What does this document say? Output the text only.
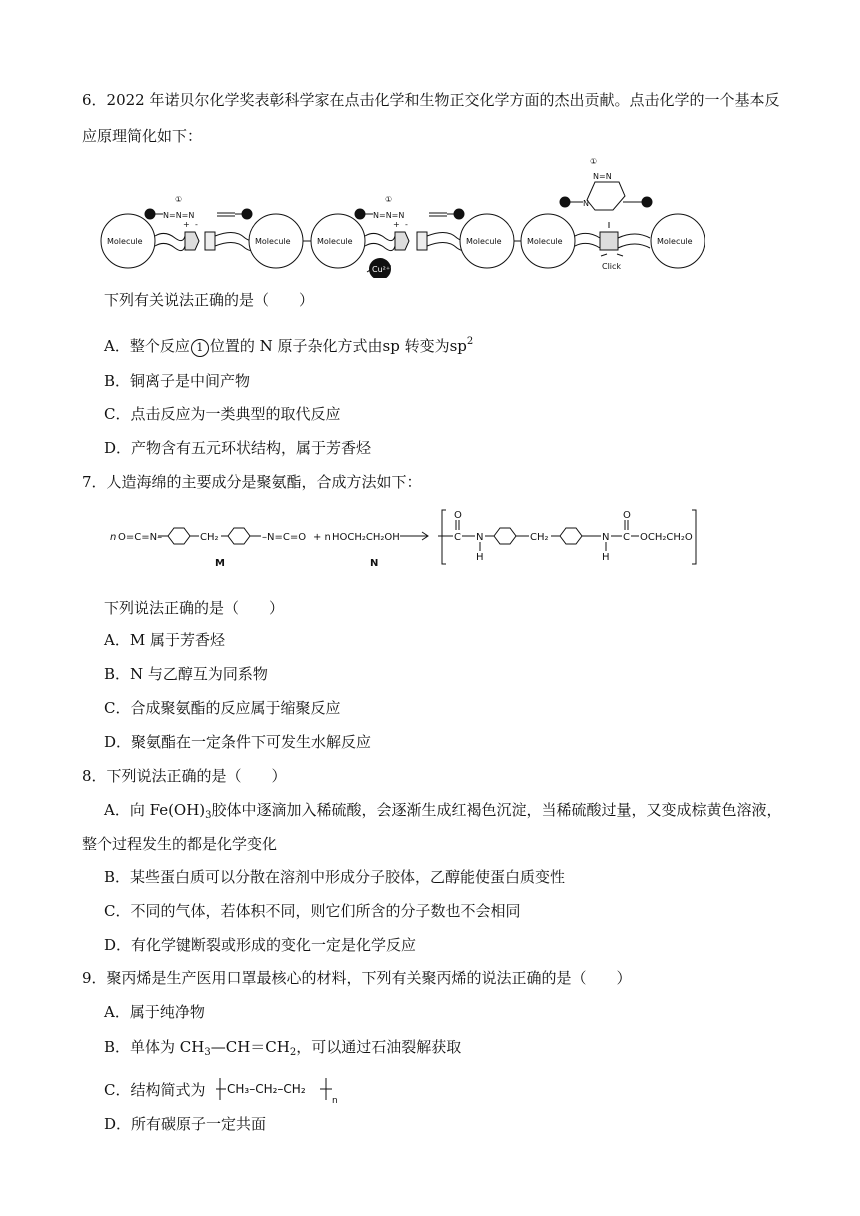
6．2022 年诺贝尔化学奖表彰科学家在点击化学和生物正交化学方面的杰出贡献。点击化学的一个基本反
应原理简化如下：
Molecule	Molecule	Molecule	Molecule	Molecule	Molecule
N=N=N	N=N=N
①	①
①
N=N
N
Click
Cu²⁺
+	+
-	-
下列有关说法正确的是（　　）
A．整个反应 1 位置的 N 原子杂化方式由sp 转变为$sp^2$
B．铜离子是中间产物
C．点击反应为一类典型的取代反应
D．产物含有五元环状结构，属于芳香烃
7．人造海绵的主要成分是聚氨酯，合成方法如下：
n O=C=N–	CH₂	–N=C=O + n HOCH₂CH₂OH
M	N
O
C N
H
CH₂	N
H
O
C OCH₂CH₂O
下列说法正确的是（　　）
A．M 属于芳香烃
B．N 与乙醇互为同系物
C．合成聚氨酯的反应属于缩聚反应
D．聚氨酯在一定条件下可发生水解反应
8．下列说法正确的是（　　）
A．向 $Fe(OH)_3$胶体中逐滴加入稀硫酸，会逐渐生成红褐色沉淀，当稀硫酸过量，又变成棕黄色溶液，
整个过程发生的都是化学变化
B．某些蛋白质可以分散在溶剂中形成分子胶体，乙醇能使蛋白质变性
C．不同的气体，若体积不同，则它们所含的分子数也不会相同
D．有化学键断裂或形成的变化一定是化学反应
9．聚丙烯是生产医用口罩最核心的材料，下列有关聚丙烯的说法正确的是（　　）
A．属于纯净物
B．单体为 $CH_3—CH=CH_2$，可以通过石油裂解获取
C．结构简式为 CH₃–CH₂–CH₂
n
D．所有碳原子一定共面
